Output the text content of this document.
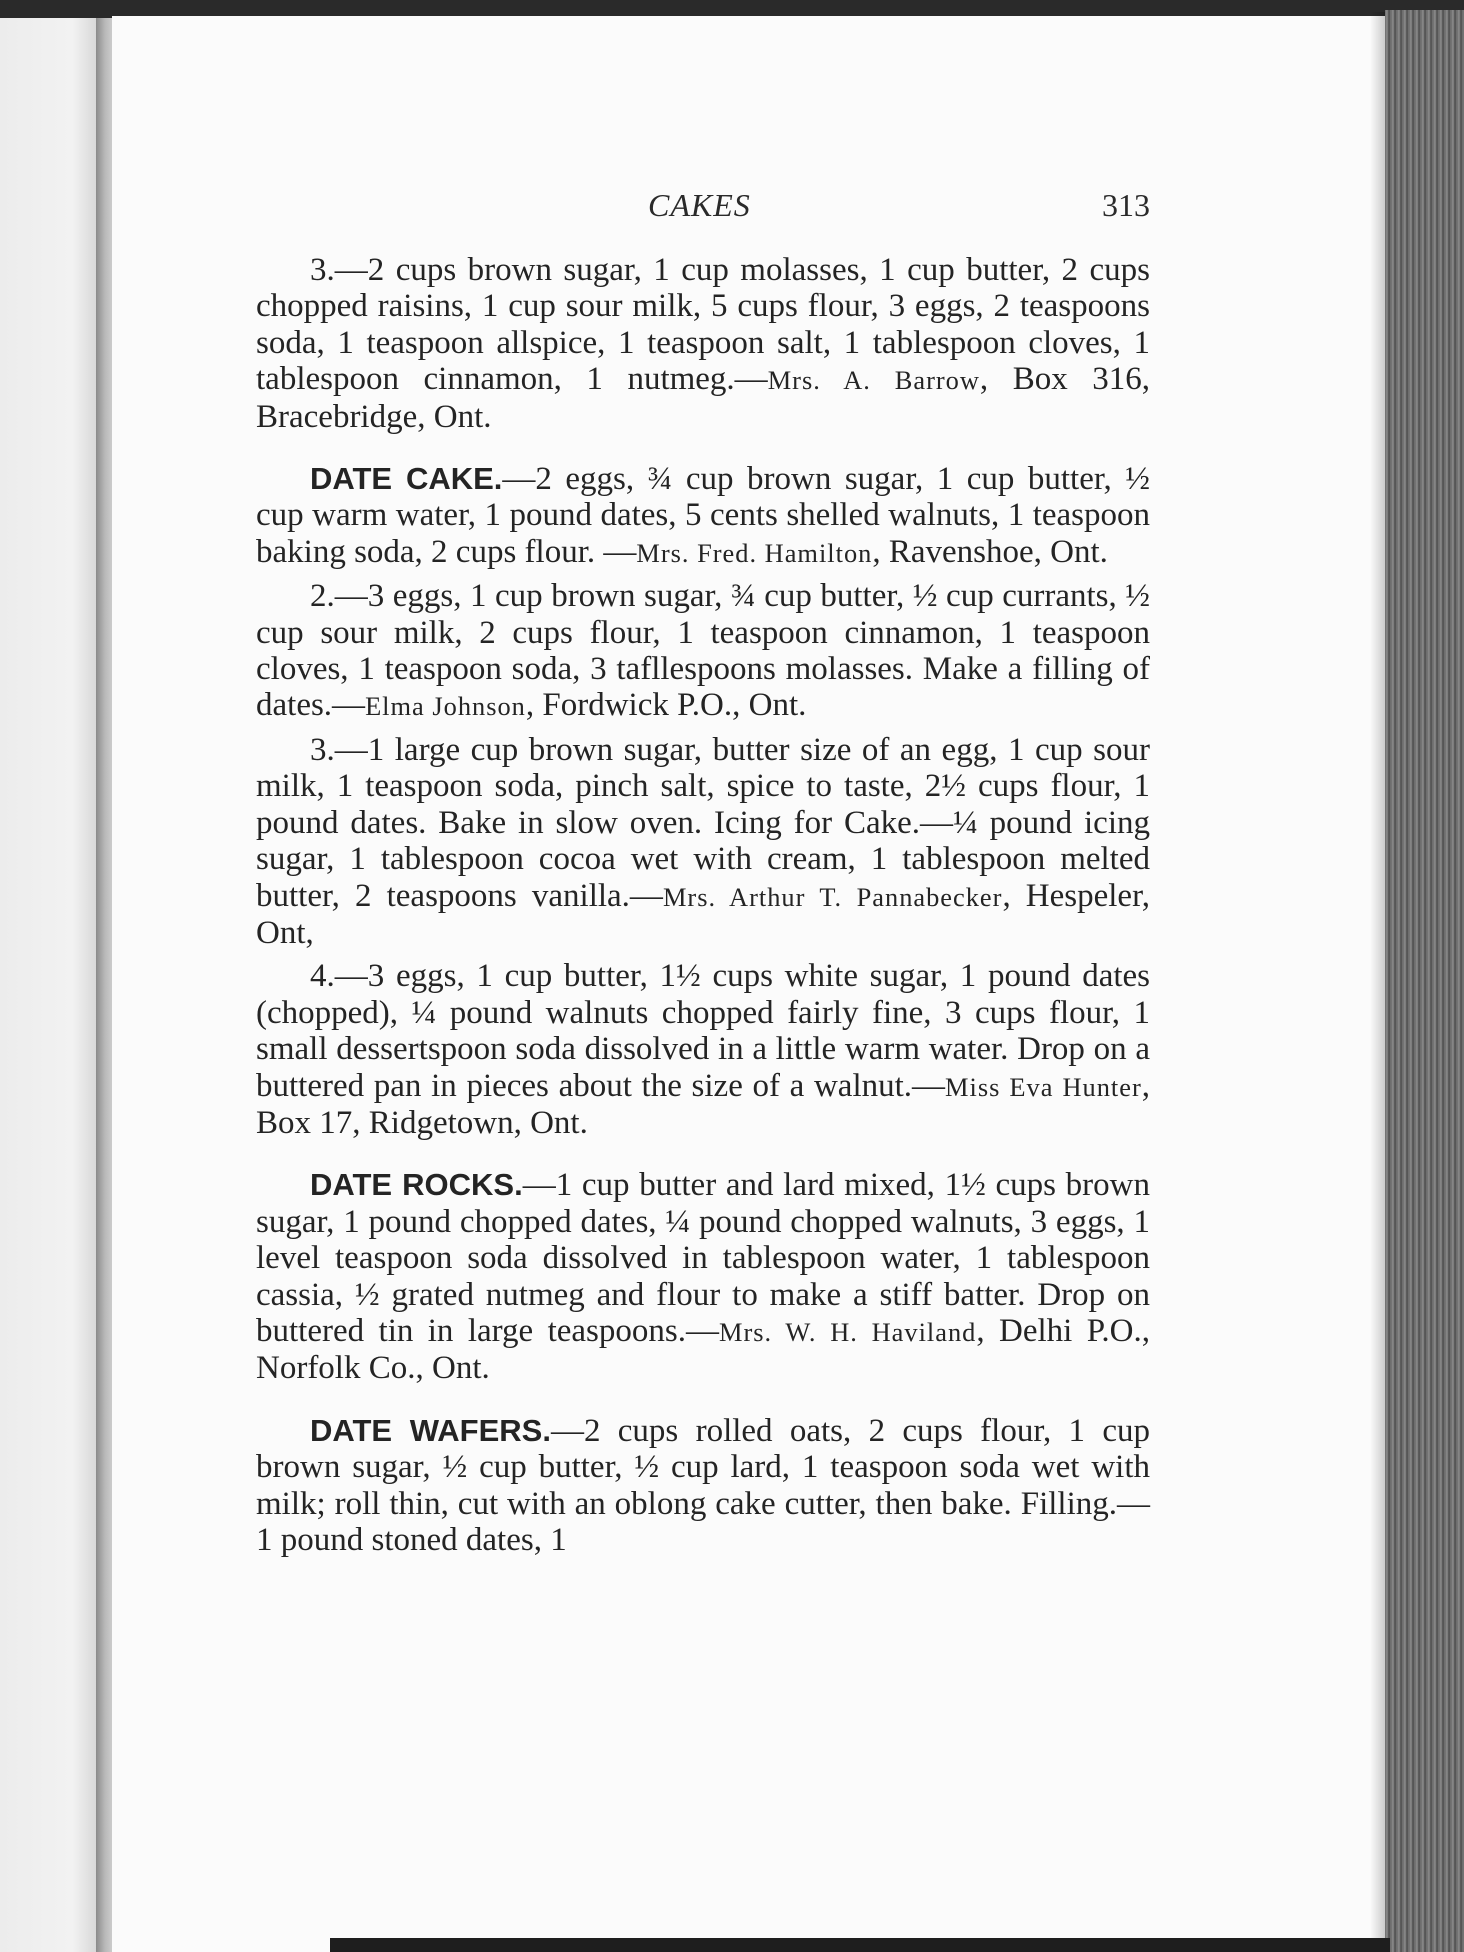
CAKES	313

3.—2 cups brown sugar, 1 cup molasses, 1 cup butter, 2 cups chopped raisins, 1 cup sour milk, 5 cups flour, 3 eggs, 2 teaspoons soda, 1 teaspoon allspice, 1 teaspoon salt, 1 tablespoon cloves, 1 tablespoon cinnamon, 1 nutmeg.—Mrs. A. Barrow, Box 316, Bracebridge, Ont.

DATE CAKE.—2 eggs, ¾ cup brown sugar, 1 cup butter, ½ cup warm water, 1 pound dates, 5 cents shelled walnuts, 1 teaspoon baking soda, 2 cups flour. —Mrs. Fred. Hamilton, Ravenshoe, Ont.

2.—3 eggs, 1 cup brown sugar, ¾ cup butter, ½ cup currants, ½ cup sour milk, 2 cups flour, 1 teaspoon cinnamon, 1 teaspoon cloves, 1 teaspoon soda, 3 tafllespoons molasses. Make a filling of dates.—Elma Johnson, Fordwick P.O., Ont.

3.—1 large cup brown sugar, butter size of an egg, 1 cup sour milk, 1 teaspoon soda, pinch salt, spice to taste, 2½ cups flour, 1 pound dates. Bake in slow oven. Icing for Cake.—¼ pound icing sugar, 1 tablespoon cocoa wet with cream, 1 tablespoon melted butter, 2 teaspoons vanilla.—Mrs. Arthur T. Pannabecker, Hespeler, Ont,

4.—3 eggs, 1 cup butter, 1½ cups white sugar, 1 pound dates (chopped), ¼ pound walnuts chopped fairly fine, 3 cups flour, 1 small dessertspoon soda dissolved in a little warm water. Drop on a buttered pan in pieces about the size of a walnut.—Miss Eva Hunter, Box 17, Ridgetown, Ont.

DATE ROCKS.—1 cup butter and lard mixed, 1½ cups brown sugar, 1 pound chopped dates, ¼ pound chopped walnuts, 3 eggs, 1 level teaspoon soda dissolved in tablespoon water, 1 tablespoon cassia, ½ grated nutmeg and flour to make a stiff batter. Drop on buttered tin in large teaspoons.—Mrs. W. H. Haviland, Delhi P.O., Norfolk Co., Ont.

DATE WAFERS.—2 cups rolled oats, 2 cups flour, 1 cup brown sugar, ½ cup butter, ½ cup lard, 1 teaspoon soda wet with milk; roll thin, cut with an oblong cake cutter, then bake. Filling.—1 pound stoned dates, 1
